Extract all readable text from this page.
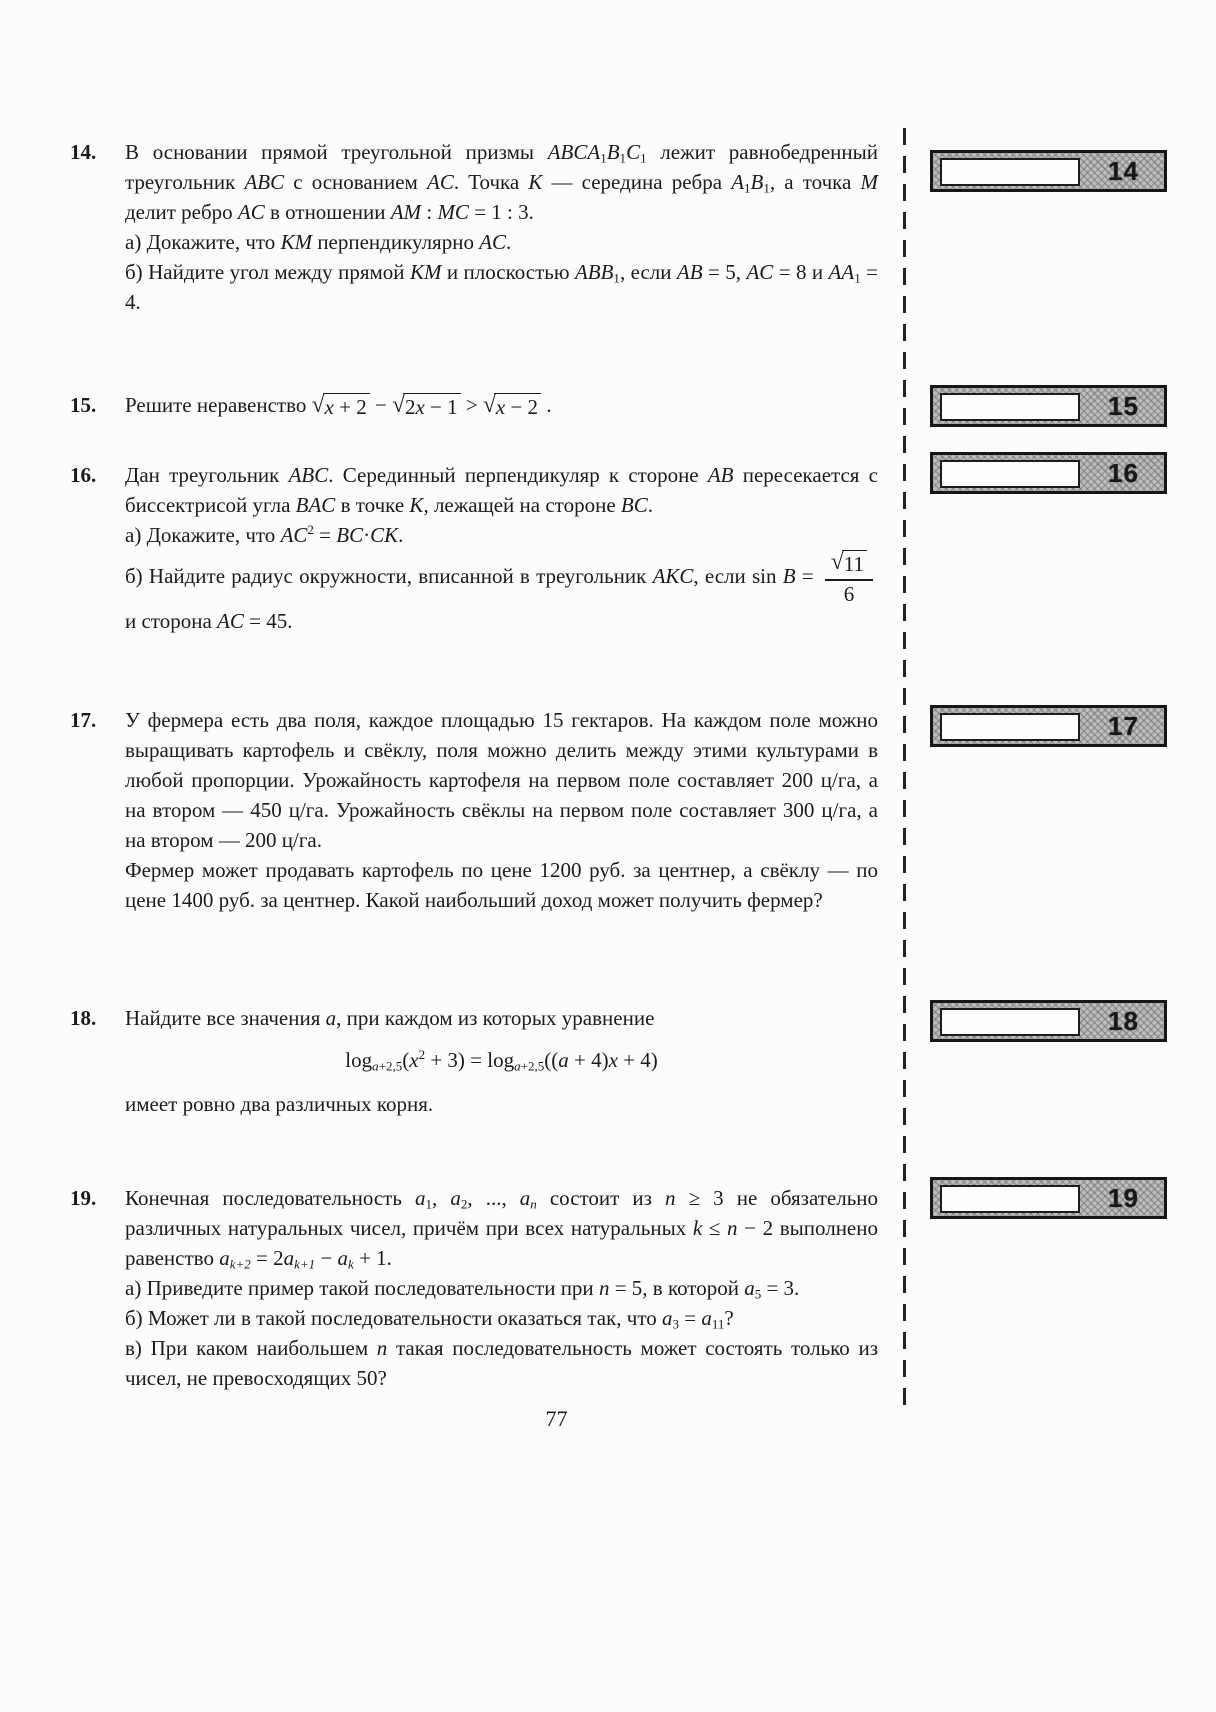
14.	В основании прямой треугольной призмы ABCA1B1C1 лежит равнобедренный треугольник ABC с основанием AC. Точка K — середина ребра A1B1, а точка M делит ребро AC в отношении AM : MC = 1 : 3.

а) Докажите, что KM перпендикулярно AC.

б) Найдите угол между прямой KM и плоскостью ABB1, если AB = 5, AC = 8 и AA1 = 4.

15.	Решите неравенство √ x + 2 − √ 2x − 1 > √ x − 2 .

16.	Дан треугольник ABC. Серединный перпендикуляр к стороне AB пересекается с биссектрисой угла BAC в точке K, лежащей на стороне BC.

а) Докажите, что $AC^2 = BC\cdot CK$.

б) Найдите радиус окружности, вписанной в треугольник AKC, если $\sin B = \frac{√ 11}{6}$
и сторона AC = 45.

17.	У фермера есть два поля, каждое площадью 15 гектаров. На каждом поле можно выращивать картофель и свёклу, поля можно делить между этими культурами в любой пропорции. Урожайность картофеля на первом поле составляет 200 ц/га, а на втором — 450 ц/га. Урожайность свёклы на первом поле составляет 300 ц/га, а на втором — 200 ц/га.

Фермер может продавать картофель по цене 1200 руб. за центнер, а свёклу — по цене 1400 руб. за центнер. Какой наибольший доход может получить фермер?

18.	Найдите все значения a, при каждом из которых уравнение

$\log a+2,5(x^2 + 3) = \log a+2,5((a + 4)x + 4)$

имеет ровно два различных корня.

19.	Конечная последовательность a1, a2, ..., an состоит из n ≥ 3 не обязательно различных натуральных чисел, причём при всех натуральных k ≤ n − 2 выполнено равенство ak+2 = 2ak+1 − ak + 1.

а) Приведите пример такой последовательности при n = 5, в которой a5 = 3.

б) Может ли в такой последовательности оказаться так, что a3 = a11?

в) При каком наибольшем n такая последовательность может состоять только из чисел, не превосходящих 50?

14
15
16
17
18
19
77
